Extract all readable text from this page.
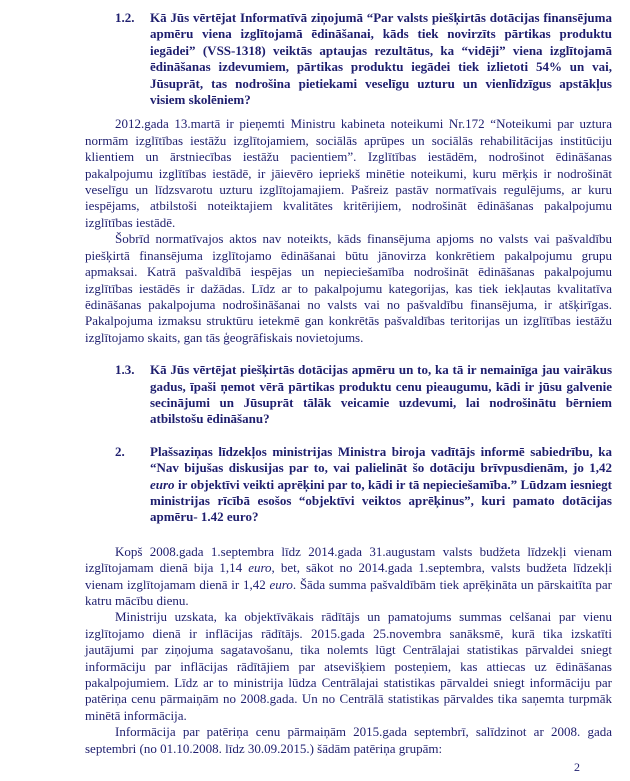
1.2. Kā Jūs vērtējat Informatīvā ziņojumā “Par valsts piešķirtās dotācijas finansējuma apmēru viena izglītojamā ēdināšanai, kāds tiek novirzīts pārtikas produktu iegādei” (VSS-1318) veiktās aptaujas rezultātus, ka “vidēji” viena izglītojamā ēdināšanas izdevumiem, pārtikas produktu iegādei tiek izlietoti 54% un vai, Jūsuprāt, tas nodrošina pietiekami veselīgu uzturu un vienlīdzīgus apstākļus visiem skolēniem?

2012.gada 13.martā ir pieņemti Ministru kabineta noteikumi Nr.172 “Noteikumi par uztura normām izglītības iestāžu izglītojamiem, sociālās aprūpes un sociālās rehabilitācijas institūciju klientiem un ārstniecības iestāžu pacientiem”. Izglītības iestādēm, nodrošinot ēdināšanas pakalpojumu izglītības iestādē, ir jāievēro iepriekš minētie noteikumi, kuru mērķis ir nodrošināt veselīgu un līdzsvarotu uzturu izglītojamajiem. Pašreiz pastāv normatīvais regulējums, ar kuru iespējams, atbilstoši noteiktajiem kvalitātes kritērijiem, nodrošināt ēdināšanas pakalpojumu izglītības iestādē.

Šobrīd normatīvajos aktos nav noteikts, kāds finansējuma apjoms no valsts vai pašvaldību piešķirtā finansējuma izglītojamo ēdināšanai būtu jānovirza konkrētiem pakalpojumu grupu apmaksai. Katrā pašvaldībā iespējas un nepieciešamība nodrošināt ēdināšanas pakalpojumu izglītības iestādēs ir dažādas. Līdz ar to pakalpojumu kategorijas, kas tiek iekļautas kvalitatīva ēdināšanas pakalpojuma nodrošināšanai no valsts vai no pašvaldību finansējuma, ir atšķirīgas. Pakalpojuma izmaksu struktūru ietekmē gan konkrētās pašvaldības teritorijas un izglītības iestāžu izglītojamo skaits, gan tās ģeogrāfiskais novietojums.

1.3. Kā Jūs vērtējat piešķirtās dotācijas apmēru un to, ka tā ir nemainīga jau vairākus gadus, īpaši ņemot vērā pārtikas produktu cenu pieaugumu, kādi ir jūsu galvenie secinājumi un Jūsuprāt tālāk veicamie uzdevumi, lai nodrošinātu bērniem atbilstošu ēdināšanu?
2. Plašsaziņas līdzekļos ministrijas Ministra biroja vadītājs informē sabiedrību, ka “Nav bijušas diskusijas par to, vai palielināt šo dotāciju brīvpusdienām, jo 1,42 euro ir objektīvi veikti aprēķini par to, kādi ir tā nepieciešamība.” Lūdzam iesniegt ministrijas rīcībā esošos “objektīvi veiktos aprēķinus”, kuri pamato dotācijas apmēru- 1.42 euro?

Kopš 2008.gada 1.septembra līdz 2014.gada 31.augustam valsts budžeta līdzekļi vienam izglītojamam dienā bija 1,14 euro, bet, sākot no 2014.gada 1.septembra, valsts budžeta līdzekļi vienam izglītojamam dienā ir 1,42 euro. Šāda summa pašvaldībām tiek aprēķināta un pārskaitīta par katru mācību dienu.

Ministriju uzskata, ka objektīvākais rādītājs un pamatojums summas celšanai par vienu izglītojamo dienā ir inflācijas rādītājs. 2015.gada 25.novembra sanāksmē, kurā tika izskatīti jautājumi par ziņojuma sagatavošanu, tika nolemts lūgt Centrālajai statistikas pārvaldei sniegt informāciju par inflācijas rādītājiem par atsevišķiem posteņiem, kas attiecas uz ēdināšanas pakalpojumiem. Līdz ar to ministrija lūdza Centrālajai statistikas pārvaldei sniegt informāciju par patēriņa cenu pārmaiņām no 2008.gada. Un no Centrālā statistikas pārvaldes tika saņemta turpmāk minētā informācija.

Informācija par patēriņa cenu pārmaiņām 2015.gada septembrī, salīdzinot ar 2008. gada septembri (no 01.10.2008. līdz 30.09.2015.) šādām patēriņa grupām:

2
